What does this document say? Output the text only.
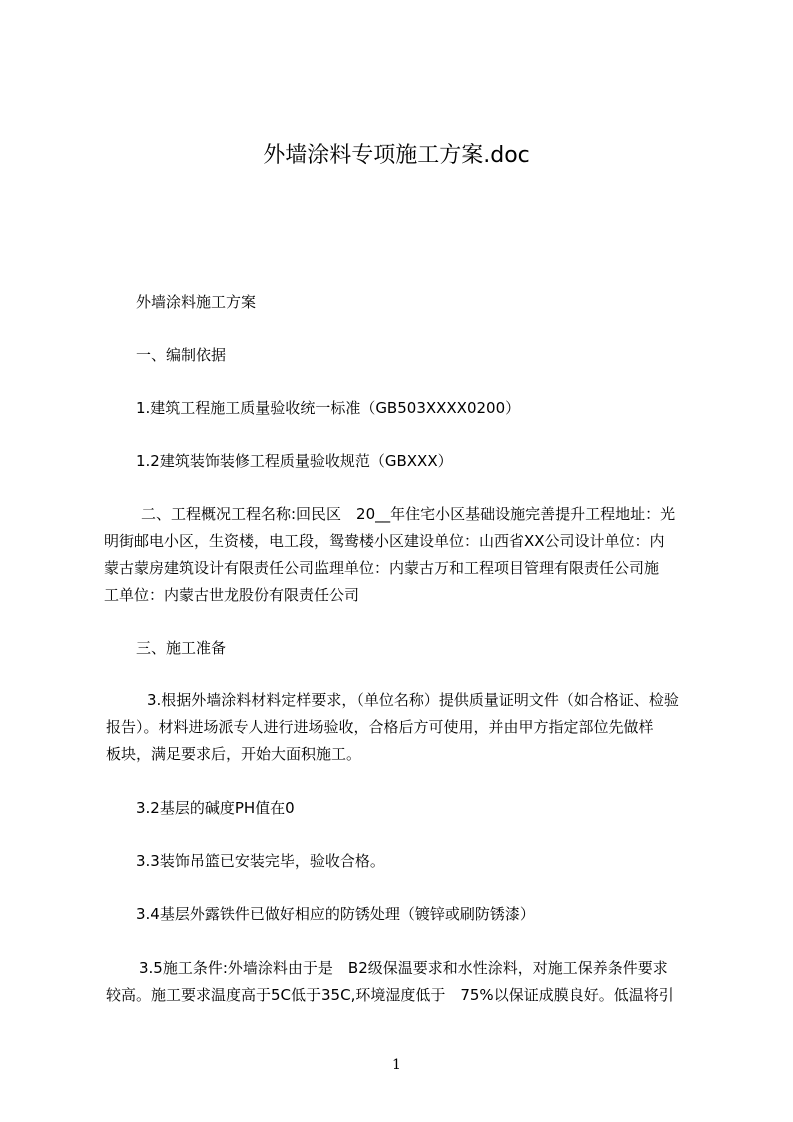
外墙涂料专项施工方案.doc
外墙涂料施工方案
一、编制依据
1.建筑工程施工质量验收统一标准（GB503XXXX0200）
1.2建筑装饰装修工程质量验收规范（GBXXX）
二、工程概况工程名称:回民区　20__年住宅小区基础设施完善提升工程地址：光
明街邮电小区，生资楼，电工段，鸳鸯楼小区建设单位：山西省XX公司设计单位：内
蒙古蒙房建筑设计有限责任公司监理单位：内蒙古万和工程项目管理有限责任公司施
工单位：内蒙古世龙股份有限责任公司
三、施工准备
3.根据外墙涂料材料定样要求，（单位名称）提供质量证明文件（如合格证、检验
报告）。材料进场派专人进行进场验收，合格后方可使用，并由甲方指定部位先做样
板块，满足要求后，开始大面积施工。
3.2基层的碱度PH值在0
3.3装饰吊篮已安装完毕，验收合格。
3.4基层外露铁件已做好相应的防锈处理（镀锌或刷防锈漆）
3.5施工条件:外墙涂料由于是　B2级保温要求和水性涂料，对施工保养条件要求
较高。施工要求温度高于5C低于35C,环境湿度低于　75%以保证成膜良好。低温将引
1
